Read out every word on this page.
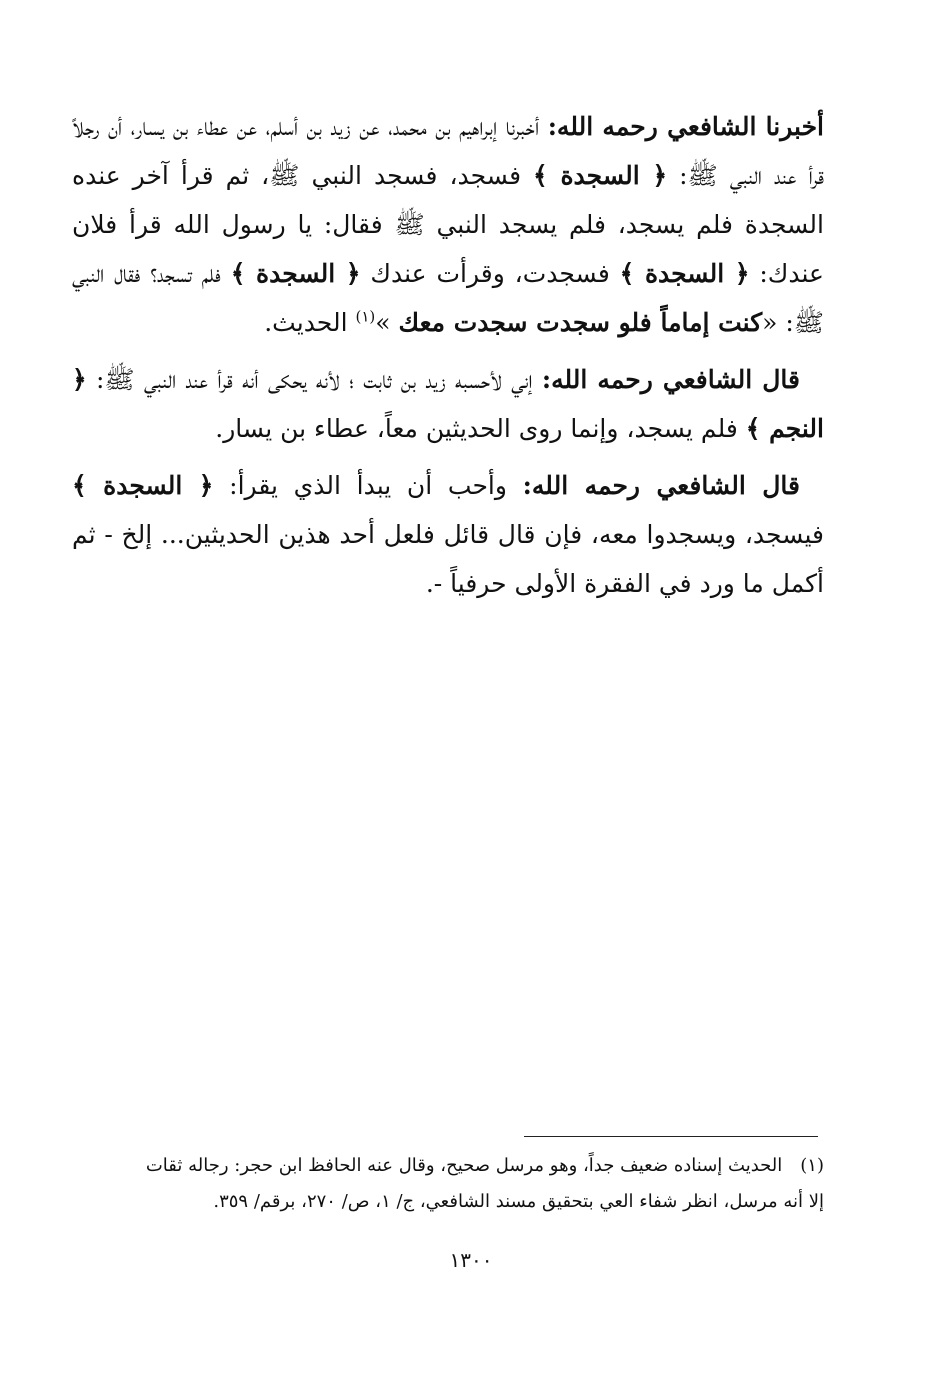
أخبرنا الشافعي رحمه الله: أخبرنا إبراهيم بن محمد، عن زيد بن أسلم، عن عطاء بن يسار، أن رجلاً قرأ عند النبي ﷺ: ﴿ السجدة ﴾ فسجد، فسجد النبي ﷺ، ثم قرأ آخر عنده السجدة فلم يسجد، فلم يسجد النبي ﷺ فقال: يا رسول الله قرأ فلان عندك: ﴿ السجدة ﴾ فسجدت، وقرأت عندك ﴿ السجدة ﴾ فلم تسجد؟ فقال النبي ﷺ: «كنت إماماً فلو سجدت سجدت معك »$^{(١)}$ الحديث.

قال الشافعي رحمه الله: إني لأحسبه زيد بن ثابت ؛ لأنه يحكى أنه قرأ عند النبي ﷺ: ﴿ النجم ﴾ فلم يسجد، وإنما روى الحديثين معاً، عطاء بن يسار.

قال الشافعي رحمه الله: وأحب أن يبدأ الذي يقرأ: ﴿ السجدة ﴾ فيسجد، ويسجدوا معه، فإن قال قائل فلعل أحد هذين الحديثين... إلخ - ثم أكمل ما ورد في الفقرة الأولى حرفياً -.

(١)الحديث إسناده ضعيف جداً، وهو مرسل صحيح، وقال عنه الحافظ ابن حجر: رجاله ثقات
إلا أنه مرسل، انظر شفاء العي بتحقيق مسند الشافعي، ج/ ١، ص/ ٢٧٠، برقم/ ٣٥٩.

١٣٠٠
